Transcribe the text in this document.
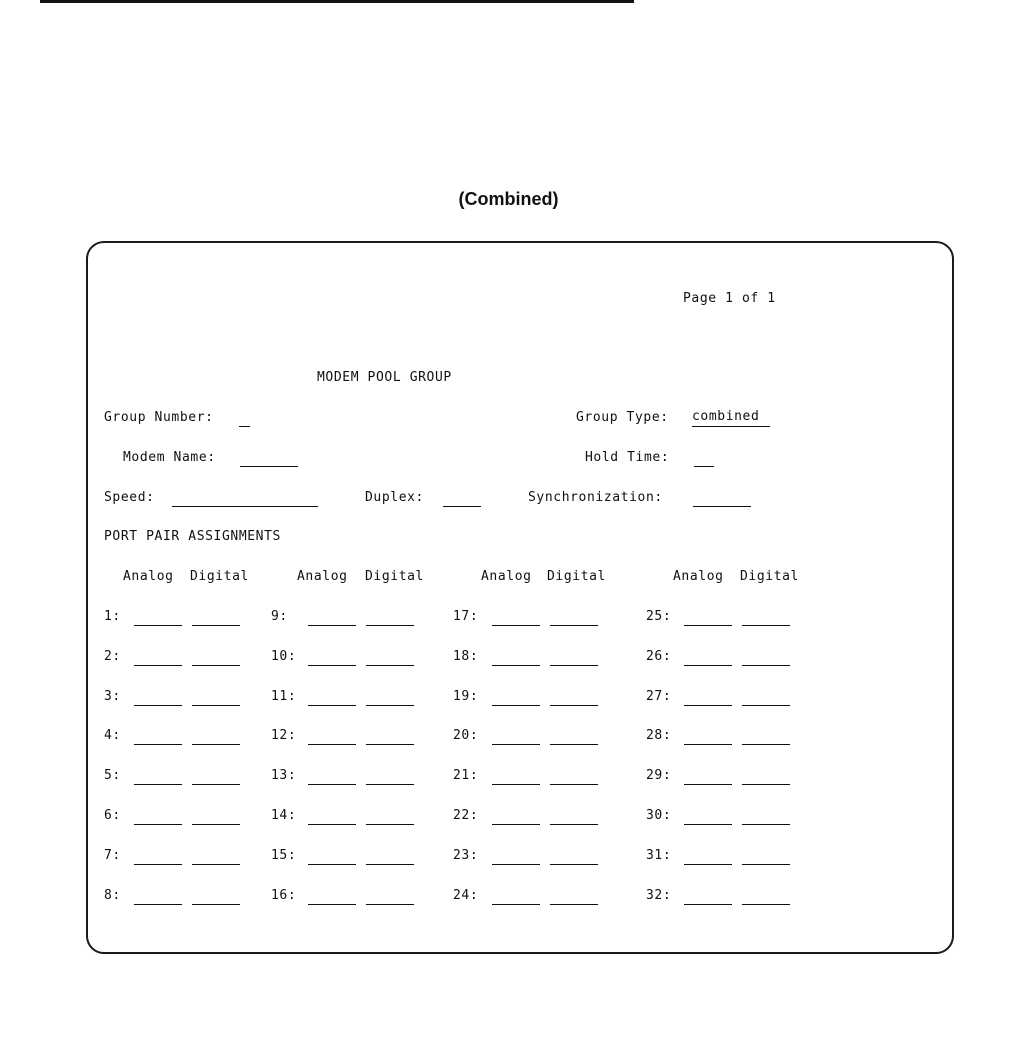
(Combined)
Page 1 of 1
MODEM POOL GROUP
Group Number:	Group Type: combined
Modem Name:	Hold Time:
Speed:	Duplex:	Synchronization:
PORT PAIR ASSIGNMENTS
Analog Digital	Analog Digital	Analog Digital	Analog Digital
1:	9:	17:	25:
2:	10:	18:	26:
3:	11:	19:	27:
4:	12:	20:	28:
5:	13:	21:	29:
6:	14:	22:	30:
7:	15:	23:	31:
8:	16:	24:	32:
